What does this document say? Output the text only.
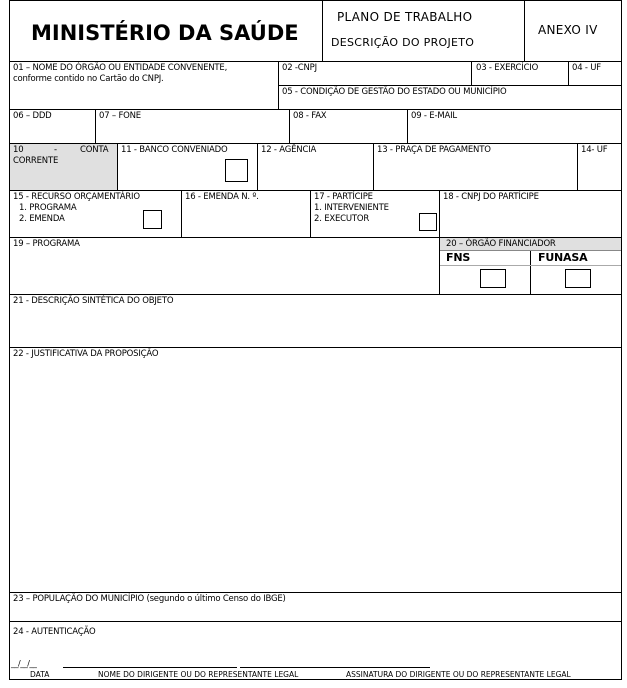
MINISTÉRIO DA SAÚDE
PLANO DE TRABALHO
DESCRIÇÃO DO PROJETO
ANEXO IV
01 – NOME DO ÓRGÃO OU ENTIDADE CONVENENTE,
conforme contido no Cartão do CNPJ.
02 -CNPJ	03 - EXERCÍCIO	04 - UF
05 - CONDIÇÃO DE GESTÃO DO ESTADO OU MUNICÍPIO
06 – DDD	07 – FONE	08 - FAX	09 - E-MAIL
10	-	CONTA
CORRENTE
11 - BANCO CONVENIADO	12 - AGÊNCIA	13 - PRAÇA DE PAGAMENTO	14- UF
15 - RECURSO ORÇAMENTÁRIO
1. PROGRAMA
2. EMENDA
16 - EMENDA N. º.	17 - PARTÍCIPE
1. INTERVENIENTE
2. EXECUTOR
18 - CNPJ DO PARTÍCIPE
19 – PROGRAMA	20 – ÓRGÃO FINANCIADOR
FNS	FUNASA
21 - DESCRIÇÃO SINTÉTICA DO OBJETO
22 - JUSTIFICATIVA DA PROPOSIÇÃO
23 – POPULAÇÃO DO MUNICÍPIO (segundo o último Censo do IBGE)
24 - AUTENTICAÇÃO
__/__/__
DATA	NOME DO DIRIGENTE OU DO REPRESENTANTE LEGAL	ASSINATURA DO DIRIGENTE OU DO REPRESENTANTE LEGAL
